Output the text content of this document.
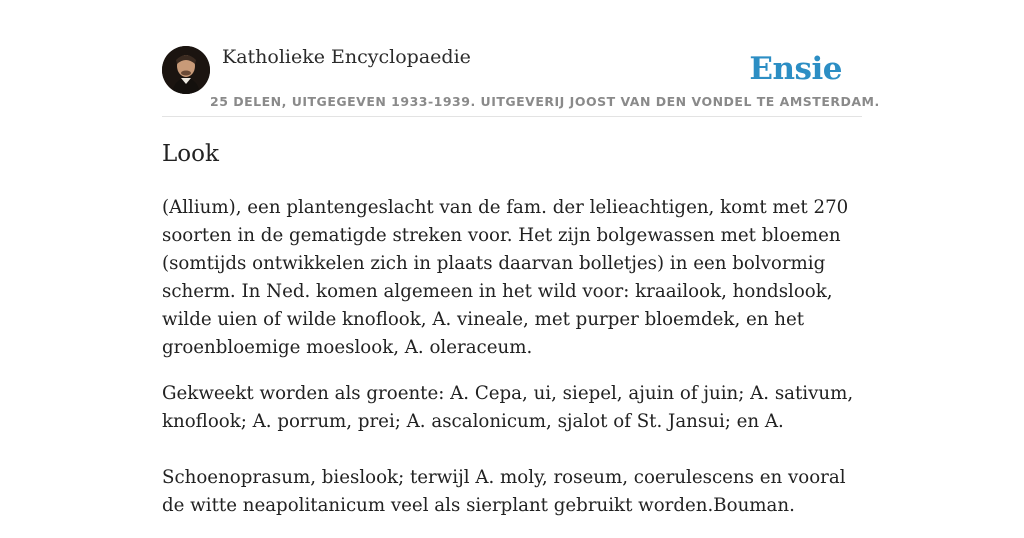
Katholieke Encyclopaedie	Ensie
25 DELEN, UITGEGEVEN 1933-1939. UITGEVERIJ JOOST VAN DEN VONDEL TE AMSTERDAM.
Look

(Allium), een plantengeslacht van de fam. der lelieachtigen, komt met 270 soorten in de gematigde streken voor. Het zijn bolgewassen met bloemen (somtijds ontwikkelen zich in plaats daarvan bolletjes) in een bolvormig scherm. In Ned. komen algemeen in het wild voor: kraailook, hondslook, wilde uien of wilde knoflook, A. vineale, met purper bloemdek, en het groenbloemige moeslook, A. oleraceum.

Gekweekt worden als groente: A. Cepa, ui, siepel, ajuin of juin; A. sativum, knoflook; A. porrum, prei; A. ascalonicum, sjalot of St. Jansui; en A.

Schoenoprasum, bieslook; terwijl A. moly, roseum, coerulescens en vooral de witte neapolitanicum veel als sierplant gebruikt worden.Bouman.
